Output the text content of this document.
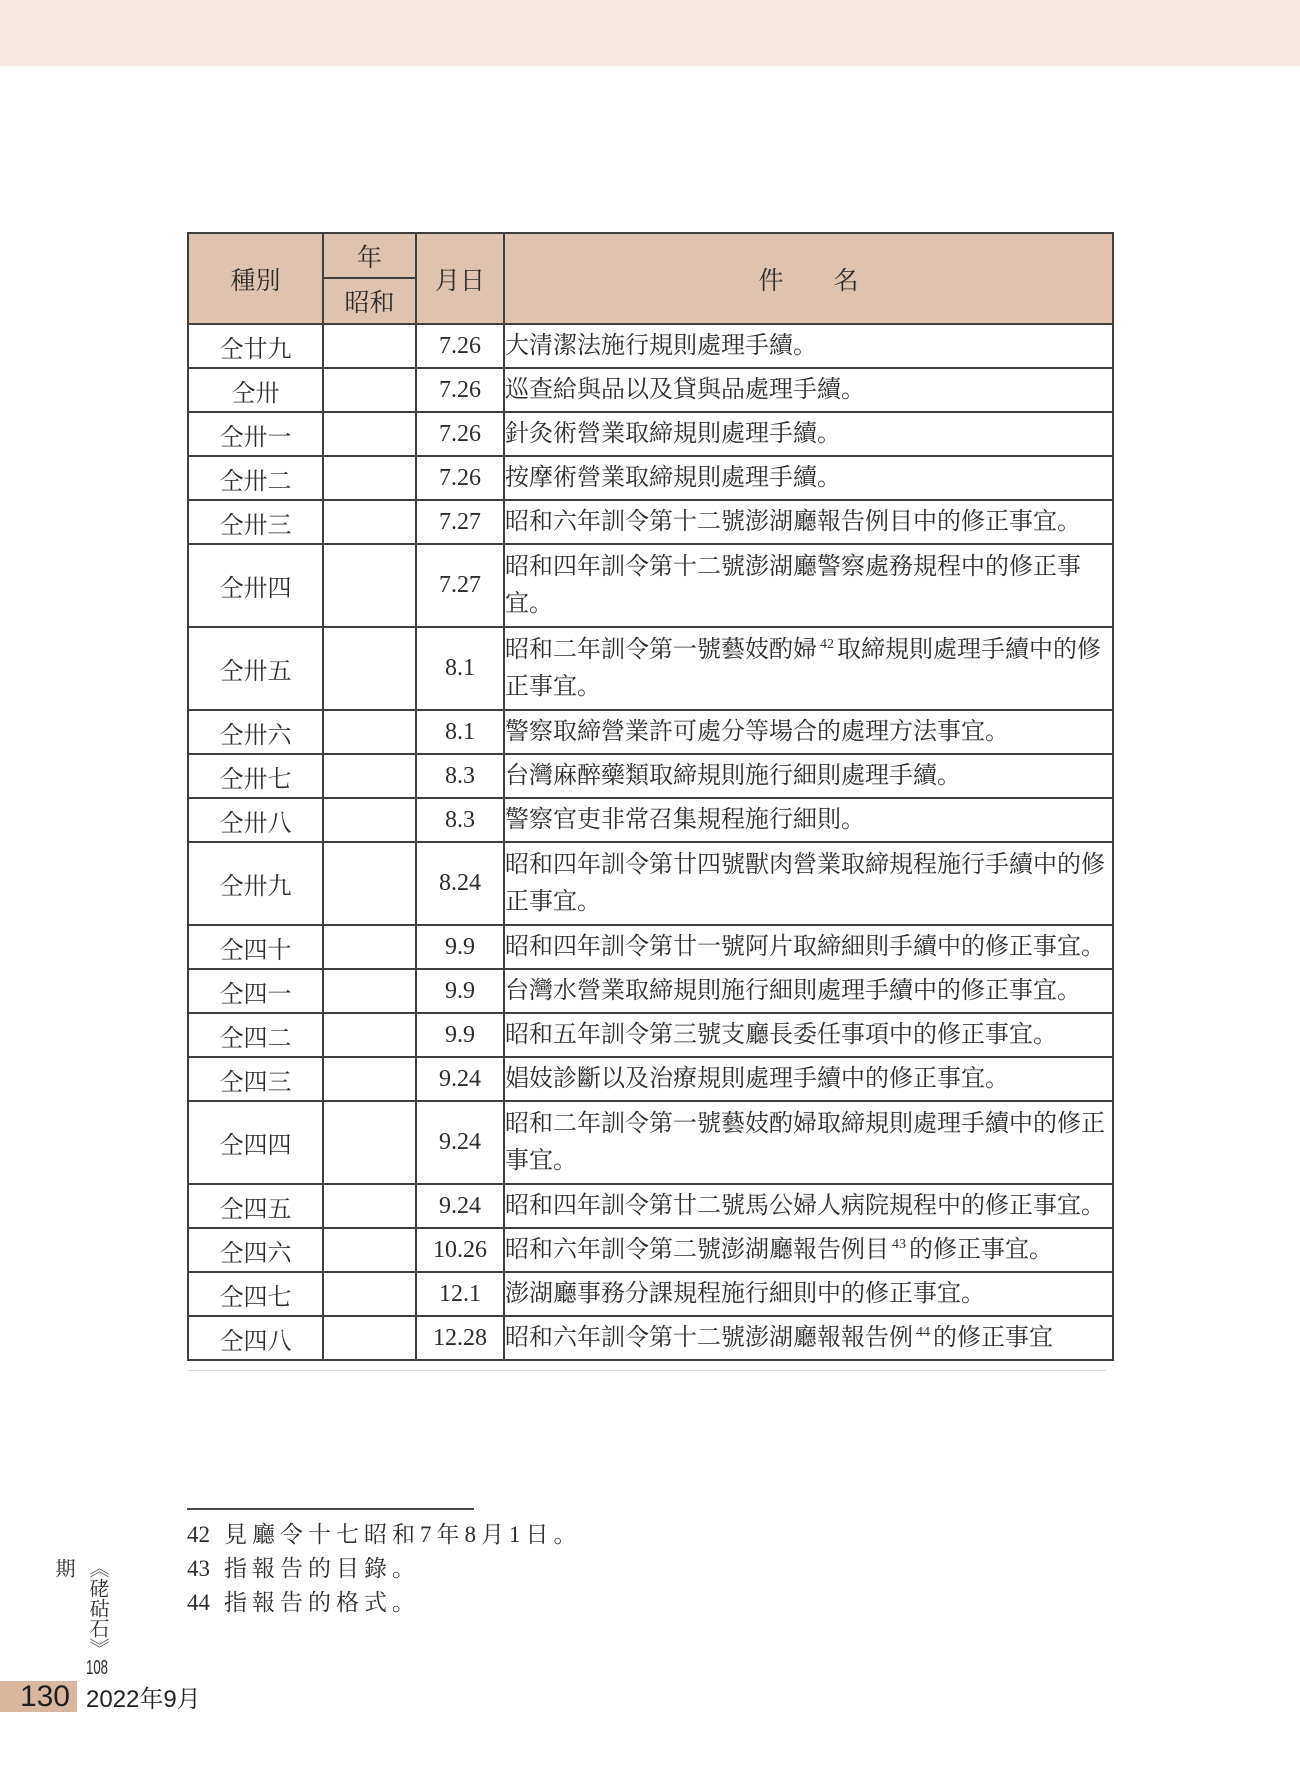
種別	年	月日	件　　名
	昭和		
仝廿九		7.26	大清潔法施行規則處理手續。
仝卅		7.26	巡查給與品以及貸與品處理手續。
仝卅一		7.26	針灸術營業取締規則處理手續。
仝卅二		7.26	按摩術營業取締規則處理手續。
仝卅三		7.27	昭和六年訓令第十二號澎湖廳報告例目中的修正事宜。
仝卅四		7.27	昭和四年訓令第十二號澎湖廳警察處務規程中的修正事宜。
仝卅五		8.1	昭和二年訓令第一號藝妓酌婦 $^{42}$ 取締規則處理手續中的修正事宜。
仝卅六		8.1	警察取締營業許可處分等場合的處理方法事宜。
仝卅七		8.3	台灣麻醉藥類取締規則施行細則處理手續。
仝卅八		8.3	警察官吏非常召集規程施行細則。
仝卅九		8.24	昭和四年訓令第廿四號獸肉營業取締規程施行手續中的修正事宜。
仝四十		9.9	昭和四年訓令第廿一號阿片取締細則手續中的修正事宜。
仝四一		9.9	台灣水營業取締規則施行細則處理手續中的修正事宜。
仝四二		9.9	昭和五年訓令第三號支廳長委任事項中的修正事宜。
仝四三		9.24	娼妓診斷以及治療規則處理手續中的修正事宜。
仝四四		9.24	昭和二年訓令第一號藝妓酌婦取締規則處理手續中的修正事宜。
仝四五		9.24	昭和四年訓令第廿二號馬公婦人病院規程中的修正事宜。
仝四六		10.26	昭和六年訓令第二號澎湖廳報告例目 $^{43}$ 的修正事宜。
仝四七		12.1	澎湖廳事務分課規程施行細則中的修正事宜。
仝四八		12.28	昭和六年訓令第十二號澎湖廳報報告例 $^{44}$ 的修正事宜
42 見廳令十七昭和7年8月1日。
43 指報告的目錄。
44 指報告的格式。
《硓𥑮石》108期
130 2022年9月
